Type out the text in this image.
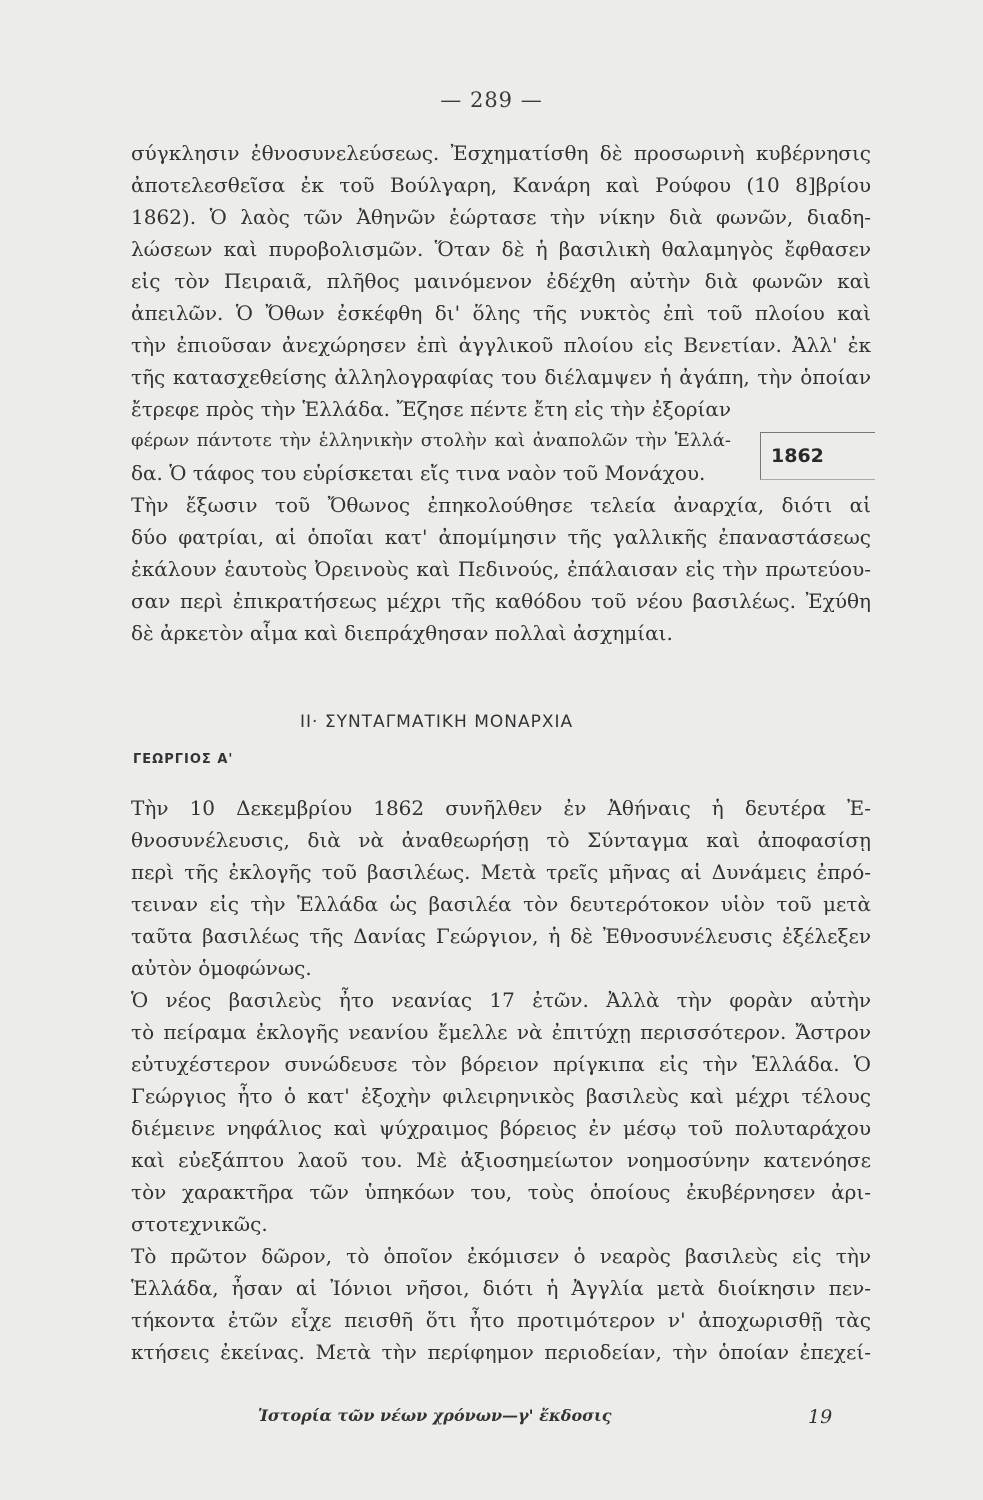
— 289 —
σύγκλησιν ἐθνοσυνελεύσεως. Ἐσχηματίσθη δὲ προσωρινὴ κυβέρνησις
ἀποτελεσθεῖσα ἐκ τοῦ Βούλγαρη, Κανάρη καὶ Ρούφου (10 8]βρίου
1862). Ὁ λαὸς τῶν Ἀθηνῶν ἑώρτασε τὴν νίκην διὰ φωνῶν, διαδη-
λώσεων καὶ πυροβολισμῶν. Ὅταν δὲ ἡ βασιλικὴ θαλαμηγὸς ἔφθασεν
εἰς τὸν Πειραιᾶ, πλῆθος μαινόμενον ἐδέχθη αὐτὴν διὰ φωνῶν καὶ
ἀπειλῶν. Ὁ Ὄθων ἐσκέφθη δι' ὅλης τῆς νυκτὸς ἐπὶ τοῦ πλοίου καὶ
τὴν ἐπιοῦσαν ἀνεχώρησεν ἐπὶ ἀγγλικοῦ πλοίου εἰς Βενετίαν. Ἀλλ' ἐκ
τῆς κατασχεθείσης ἀλληλογραφίας του διέλαμψεν ἡ ἀγάπη, τὴν ὁποίαν
ἔτρεφε πρὸς τὴν Ἑλλάδα. Ἔζησε πέντε ἔτη εἰς τὴν ἐξορίαν
φέρων πάντοτε τὴν ἑλληνικὴν στολὴν καὶ ἀναπολῶν τὴν Ἑλλά-
δα. Ὁ τάφος του εὑρίσκεται εἴς τινα ναὸν τοῦ Μονάχου.
Τὴν ἔξωσιν τοῦ Ὄθωνος ἐπηκολούθησε τελεία ἀναρχία, διότι αἱ
δύο φατρίαι, αἱ ὁποῖαι κατ' ἀπομίμησιν τῆς γαλλικῆς ἐπαναστάσεως
ἐκάλουν ἑαυτοὺς Ὀρεινοὺς καὶ Πεδινούς, ἐπάλαισαν εἰς τὴν πρωτεύου-
σαν περὶ ἐπικρατήσεως μέχρι τῆς καθόδου τοῦ νέου βασιλέως. Ἐχύθη
δὲ ἀρκετὸν αἷμα καὶ διεπράχθησαν πολλαὶ ἀσχημίαι.
1862
ΙΙ· ΣΥΝΤΑΓΜΑΤΙΚΗ ΜΟΝΑΡΧΙΑ
ΓΕΩΡΓΙΟΣ Α'
Τὴν 10 Δεκεμβρίου 1862 συνῆλθεν ἐν Ἀθήναις ἡ δευτέρα Ἐ-
θνοσυνέλευσις, διὰ νὰ ἀναθεωρήσῃ τὸ Σύνταγμα καὶ ἀποφασίσῃ
περὶ τῆς ἐκλογῆς τοῦ βασιλέως. Μετὰ τρεῖς μῆνας αἱ Δυνάμεις ἐπρό-
τειναν εἰς τὴν Ἑλλάδα ὡς βασιλέα τὸν δευτερότοκον υἱὸν τοῦ μετὰ
ταῦτα βασιλέως τῆς Δανίας Γεώργιον, ἡ δὲ Ἐθνοσυνέλευσις ἐξέλεξεν
αὐτὸν ὁμοφώνως.
Ὁ νέος βασιλεὺς ἦτο νεανίας 17 ἐτῶν. Ἀλλὰ τὴν φορὰν αὐτὴν
τὸ πείραμα ἐκλογῆς νεανίου ἔμελλε νὰ ἐπιτύχῃ περισσότερον. Ἄστρον
εὐτυχέστερον συνώδευσε τὸν βόρειον πρίγκιπα εἰς τὴν Ἑλλάδα. Ὁ
Γεώργιος ἦτο ὁ κατ' ἐξοχὴν φιλειρηνικὸς βασιλεὺς καὶ μέχρι τέλους
διέμεινε νηφάλιος καὶ ψύχραιμος βόρειος ἐν μέσῳ τοῦ πολυταράχου
καὶ εὐεξάπτου λαοῦ του. Μὲ ἀξιοσημείωτον νοημοσύνην κατενόησε
τὸν χαρακτῆρα τῶν ὑπηκόων του, τοὺς ὁποίους ἐκυβέρνησεν ἀρι-
στοτεχνικῶς.
Τὸ πρῶτον δῶρον, τὸ ὁποῖον ἐκόμισεν ὁ νεαρὸς βασιλεὺς εἰς τὴν
Ἑλλάδα, ἦσαν αἱ Ἰόνιοι νῆσοι, διότι ἡ Ἀγγλία μετὰ διοίκησιν πεν-
τήκοντα ἐτῶν εἶχε πεισθῆ ὅτι ἦτο προτιμότερον ν' ἀποχωρισθῇ τὰς
κτήσεις ἐκείνας. Μετὰ τὴν περίφημον περιοδείαν, τὴν ὁποίαν ἐπεχεί-
Ἱστορία τῶν νέων χρόνων—γ' ἔκδοσις	19
